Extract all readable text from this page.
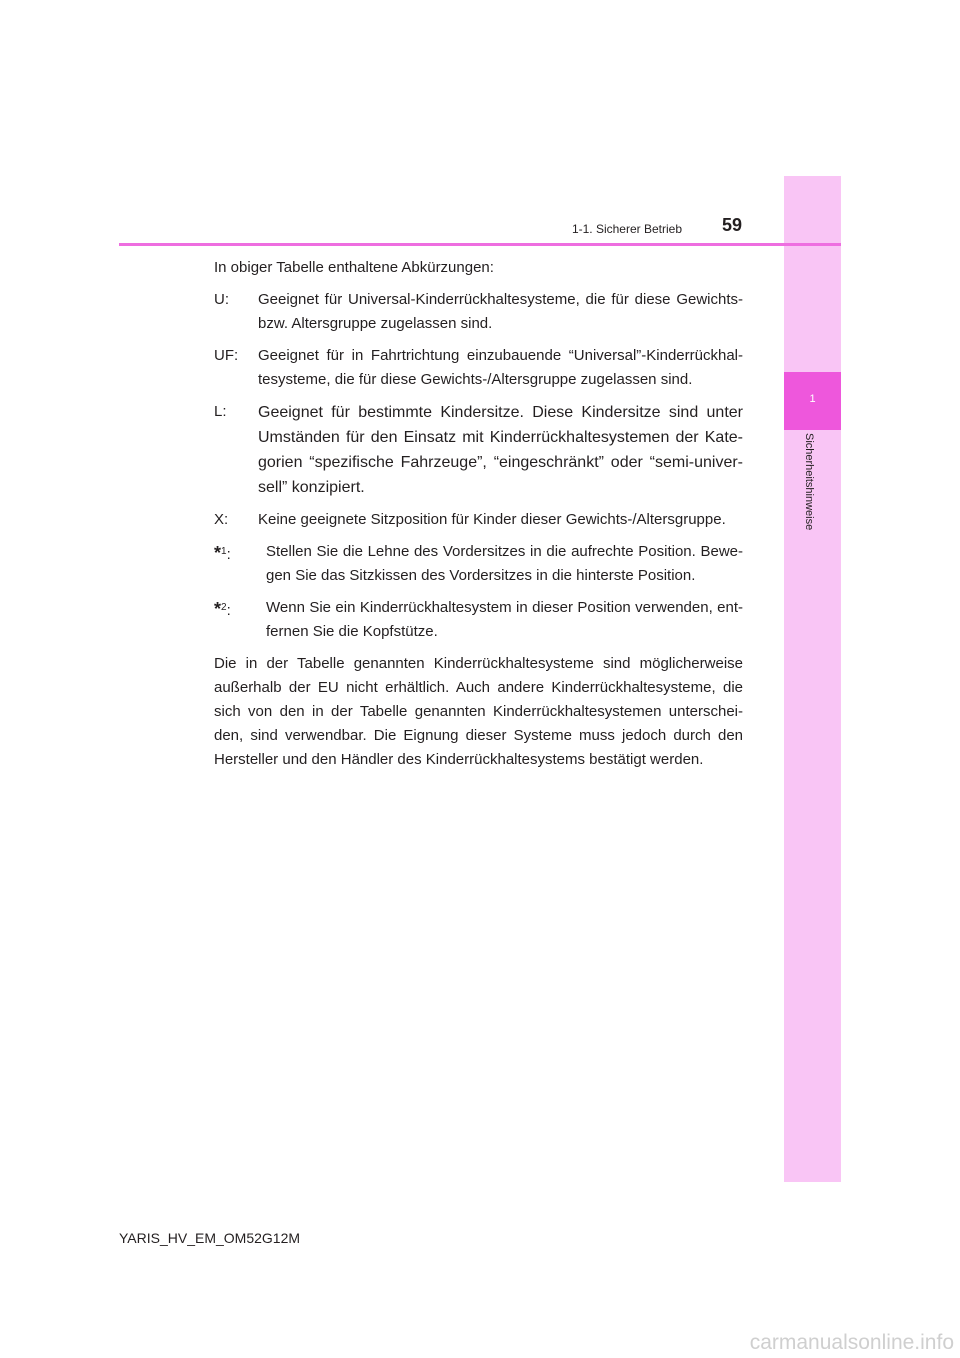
1
Sicherheitshinweise
1-1. Sicherer Betrieb 59

In obiger Tabelle enthaltene Abkürzungen:

U:	Geeignet für Universal-Kinderrückhaltesysteme, die für diese Gewichts- bzw. Altersgruppe zugelassen sind.
UF:	Geeignet für in Fahrtrichtung einzubauende “Universal”-Kinderrückhal- tesysteme, die für diese Gewichts-/Altersgruppe zugelassen sind.
L:	Geeignet für bestimmte Kindersitze. Diese Kindersitze sind unter Umständen für den Einsatz mit Kinderrückhaltesystemen der Kate- gorien “spezifische Fahrzeuge”, “eingeschränkt” oder “semi-univer- sell” konzipiert.
X:	Keine geeignete Sitzposition für Kinder dieser Gewichts-/Altersgruppe.
*$^1$:	Stellen Sie die Lehne des Vordersitzes in die aufrechte Position. Bewe- gen Sie das Sitzkissen des Vordersitzes in die hinterste Position.
*$^2$:	Wenn Sie ein Kinderrückhaltesystem in dieser Position verwenden, ent- fernen Sie die Kopfstütze.

Die in der Tabelle genannten Kinderrückhaltesysteme sind möglicherweise außerhalb der EU nicht erhältlich. Auch andere Kinderrückhaltesysteme, die sich von den in der Tabelle genannten Kinderrückhaltesystemen unterschei- den, sind verwendbar. Die Eignung dieser Systeme muss jedoch durch den Hersteller und den Händler des Kinderrückhaltesystems bestätigt werden.

YARIS_HV_EM_OM52G12M
carmanualsonline.info
